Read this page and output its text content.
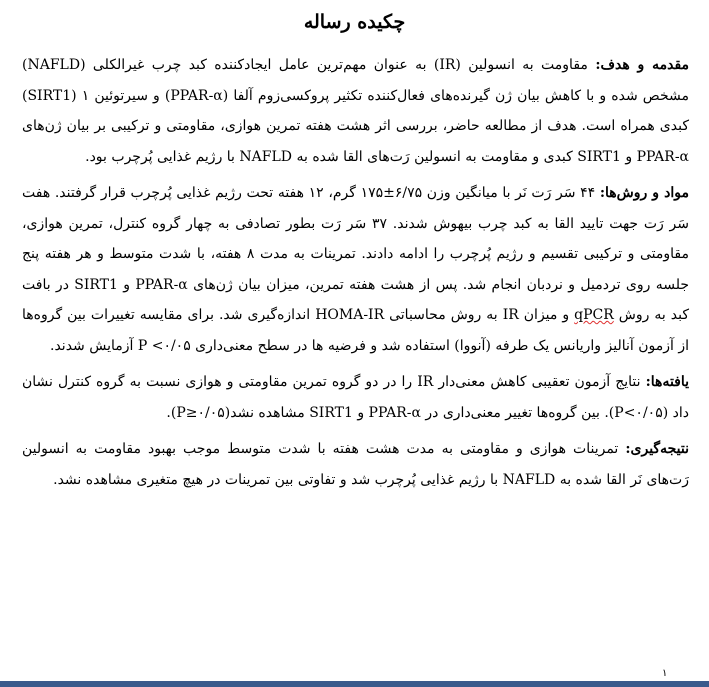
چکیده رساله

مقدمه و هدف: مقاومت به انسولین (IR) به عنوان مهم‌ترین عامل ایجادکننده کبد چرب غیرالکلی (NAFLD) مشخص شده و با کاهش بیان ژن گیرنده‌های فعال‌کننده تکثیر پروکسی‌زوم آلفا (PPAR-α) و سیرتوئین ۱ (SIRT1) کبدی همراه است. هدف از مطالعه حاضر، بررسی اثر هشت هفته تمرین هوازی، مقاومتی و ترکیبی بر بیان ژن‌های PPAR-α و SIRT1 کبدی و مقاومت به انسولین رَت‌های القا شده به NAFLD با رژیم غذایی پُرچرب بود.

مواد و روش‌ها: ۴۴ سَر رَت نَر با میانگین وزن ۶/۷۵±۱۷۵ گرم، ۱۲ هفته تحت رژیم غذایی پُرچرب قرار گرفتند. هفت سَر رَت جهت تایید القا به کبد چرب بیهوش شدند. ۳۷ سَر رَت بطور تصادفی به چهار گروه کنترل، تمرین هوازی، مقاومتی و ترکیبی تقسیم و رژیم پُرچرب را ادامه دادند. تمرینات به مدت ۸ هفته، با شدت متوسط و هر هفته پنج جلسه روی تردمیل و نردبان انجام شد. پس از هشت هفته تمرین، میزان بیان ژن‌های PPAR-α و SIRT1 در بافت کبد به روش qPCR و میزان IR به روش محاسباتی HOMA-IR اندازه‌گیری شد. برای مقایسه تغییرات بین گروه‌ها از آزمون آنالیز واریانس یک طرفه (آنووا) استفاده شد و فرضیه ها در سطح معنی‌داری P <۰/۰۵ آزمایش شدند.

یافته‌ها: نتایج آزمون تعقیبی کاهش معنی‌دار IR را در دو گروه تمرین مقاومتی و هوازی نسبت به گروه کنترل نشان داد (P<۰/۰۵). بین گروه‌ها تغییر معنی‌داری در PPAR-α و SIRT1 مشاهده نشد(P≥۰/۰۵).

نتیجه‌گیری: تمرینات هوازی و مقاومتی به مدت هشت هفته با شدت متوسط موجب بهبود مقاومت به انسولین رَت‌های نَر القا شده به NAFLD با رژیم غذایی پُرچرب شد و تفاوتی بین تمرینات در هیچ متغیری مشاهده نشد.

۱
